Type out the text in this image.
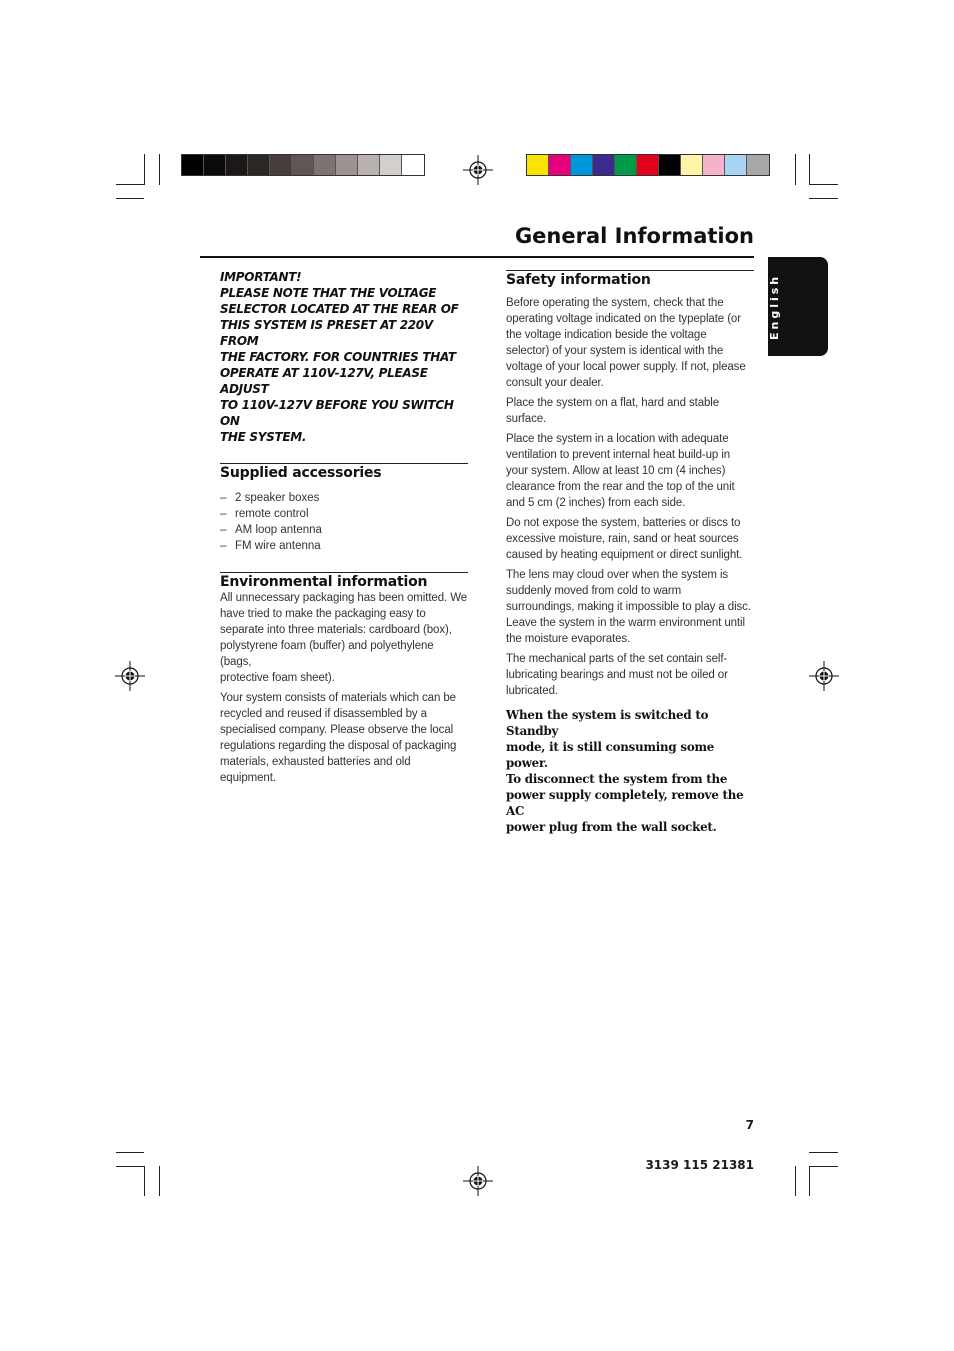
General Information
English
IMPORTANT!
PLEASE NOTE THAT THE VOLTAGE
SELECTOR LOCATED AT THE REAR OF
THIS SYSTEM IS PRESET AT 220V FROM
THE FACTORY. FOR COUNTRIES THAT
OPERATE AT 110V-127V, PLEASE ADJUST
TO 110V-127V BEFORE YOU SWITCH ON
THE SYSTEM.
Supplied accessories
– 2 speaker boxes
– remote control
– AM loop antenna
– FM wire antenna
Environmental information

All unnecessary packaging has been omitted. We
have tried to make the packaging easy to
separate into three materials: cardboard (box),
polystyrene foam (buffer) and polyethylene (bags,
protective foam sheet).

Your system consists of materials which can be
recycled and reused if disassembled by a
specialised company. Please observe the local
regulations regarding the disposal of packaging
materials, exhausted batteries and old
equipment.

Safety information

Before operating the system, check that the
operating voltage indicated on the typeplate (or
the voltage indication beside the voltage
selector) of your system is identical with the
voltage of your local power supply. If not, please
consult your dealer.

Place the system on a flat, hard and stable
surface.

Place the system in a location with adequate
ventilation to prevent internal heat build-up in
your system. Allow at least 10 cm (4 inches)
clearance from the rear and the top of the unit
and 5 cm (2 inches) from each side.

Do not expose the system, batteries or discs to
excessive moisture, rain, sand or heat sources
caused by heating equipment or direct sunlight.

The lens may cloud over when the system is
suddenly moved from cold to warm
surroundings, making it impossible to play a disc.
Leave the system in the warm environment until
the moisture evaporates.

The mechanical parts of the set contain self-
lubricating bearings and must not be oiled or
lubricated.

When the system is switched to Standby
mode, it is still consuming some power.
To disconnect the system from the
power supply completely, remove the AC
power plug from the wall socket.
7
3139 115 21381
